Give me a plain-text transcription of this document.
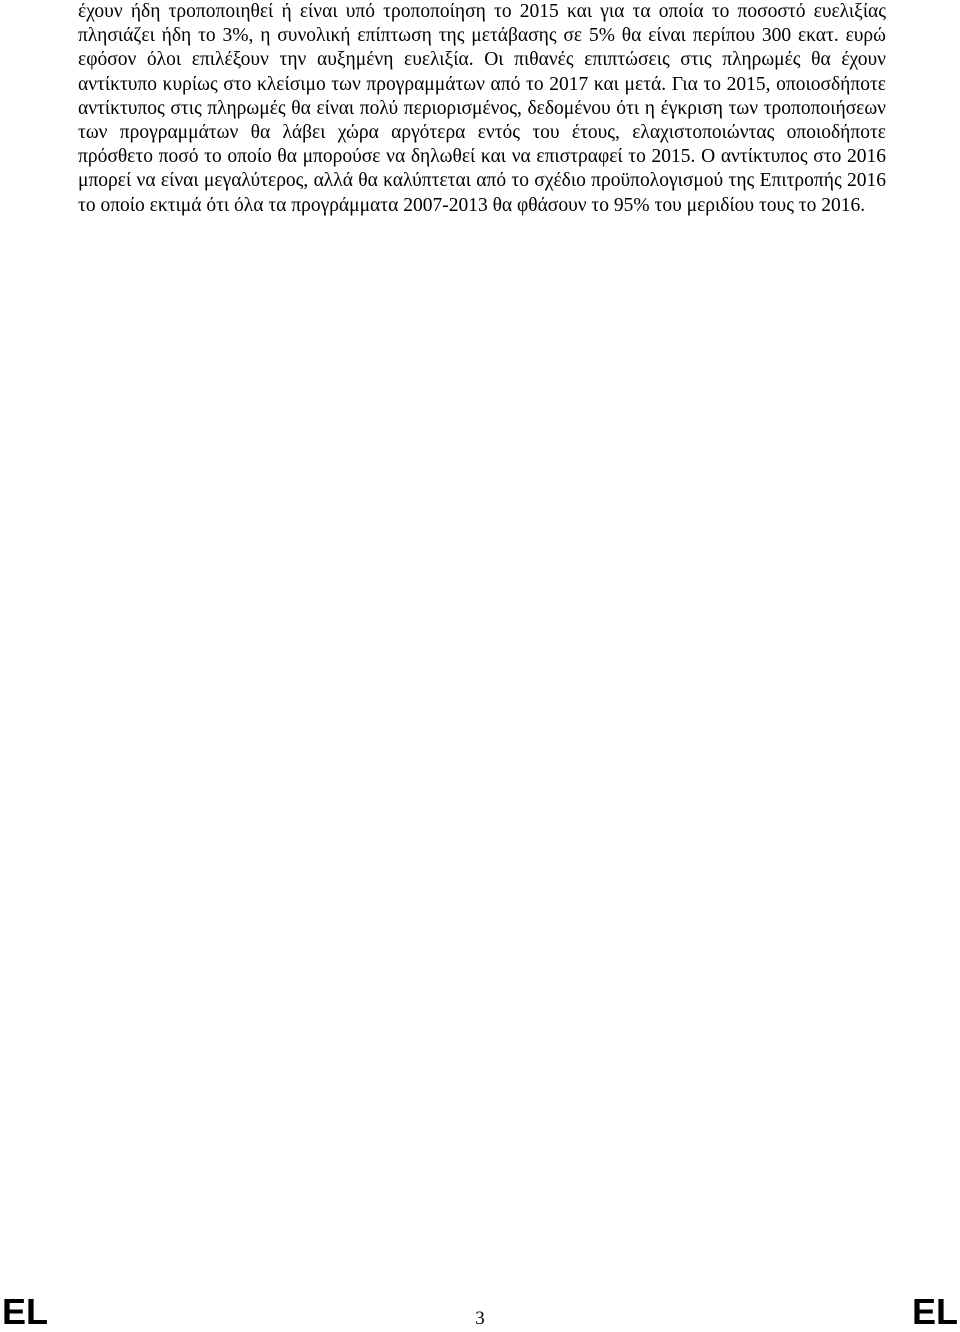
έχουν ήδη τροποποιηθεί ή είναι υπό τροποποίηση το 2015 και για τα οποία το ποσοστό ευελιξίας πλησιάζει ήδη το 3%, η συνολική επίπτωση της μετάβασης σε 5% θα είναι περίπου 300 εκατ. ευρώ εφόσον όλοι επιλέξουν την αυξημένη ευελιξία. Οι πιθανές επιπτώσεις στις πληρωμές θα έχουν αντίκτυπο κυρίως στο κλείσιμο των προγραμμάτων από το 2017 και μετά. Για το 2015, οποιοσδήποτε αντίκτυπος στις πληρωμές θα είναι πολύ περιορισμένος, δεδομένου ότι η έγκριση των τροποποιήσεων των προγραμμάτων θα λάβει χώρα αργότερα εντός του έτους, ελαχιστοποιώντας οποιοδήποτε πρόσθετο ποσό το οποίο θα μπορούσε να δηλωθεί και να επιστραφεί το 2015. Ο αντίκτυπος στο 2016 μπορεί να είναι μεγαλύτερος, αλλά θα καλύπτεται από το σχέδιο προϋπολογισμού της Επιτροπής 2016 το οποίο εκτιμά ότι όλα τα προγράμματα 2007-2013 θα φθάσουν το 95% του μεριδίου τους το 2016.

EL	3	EL
